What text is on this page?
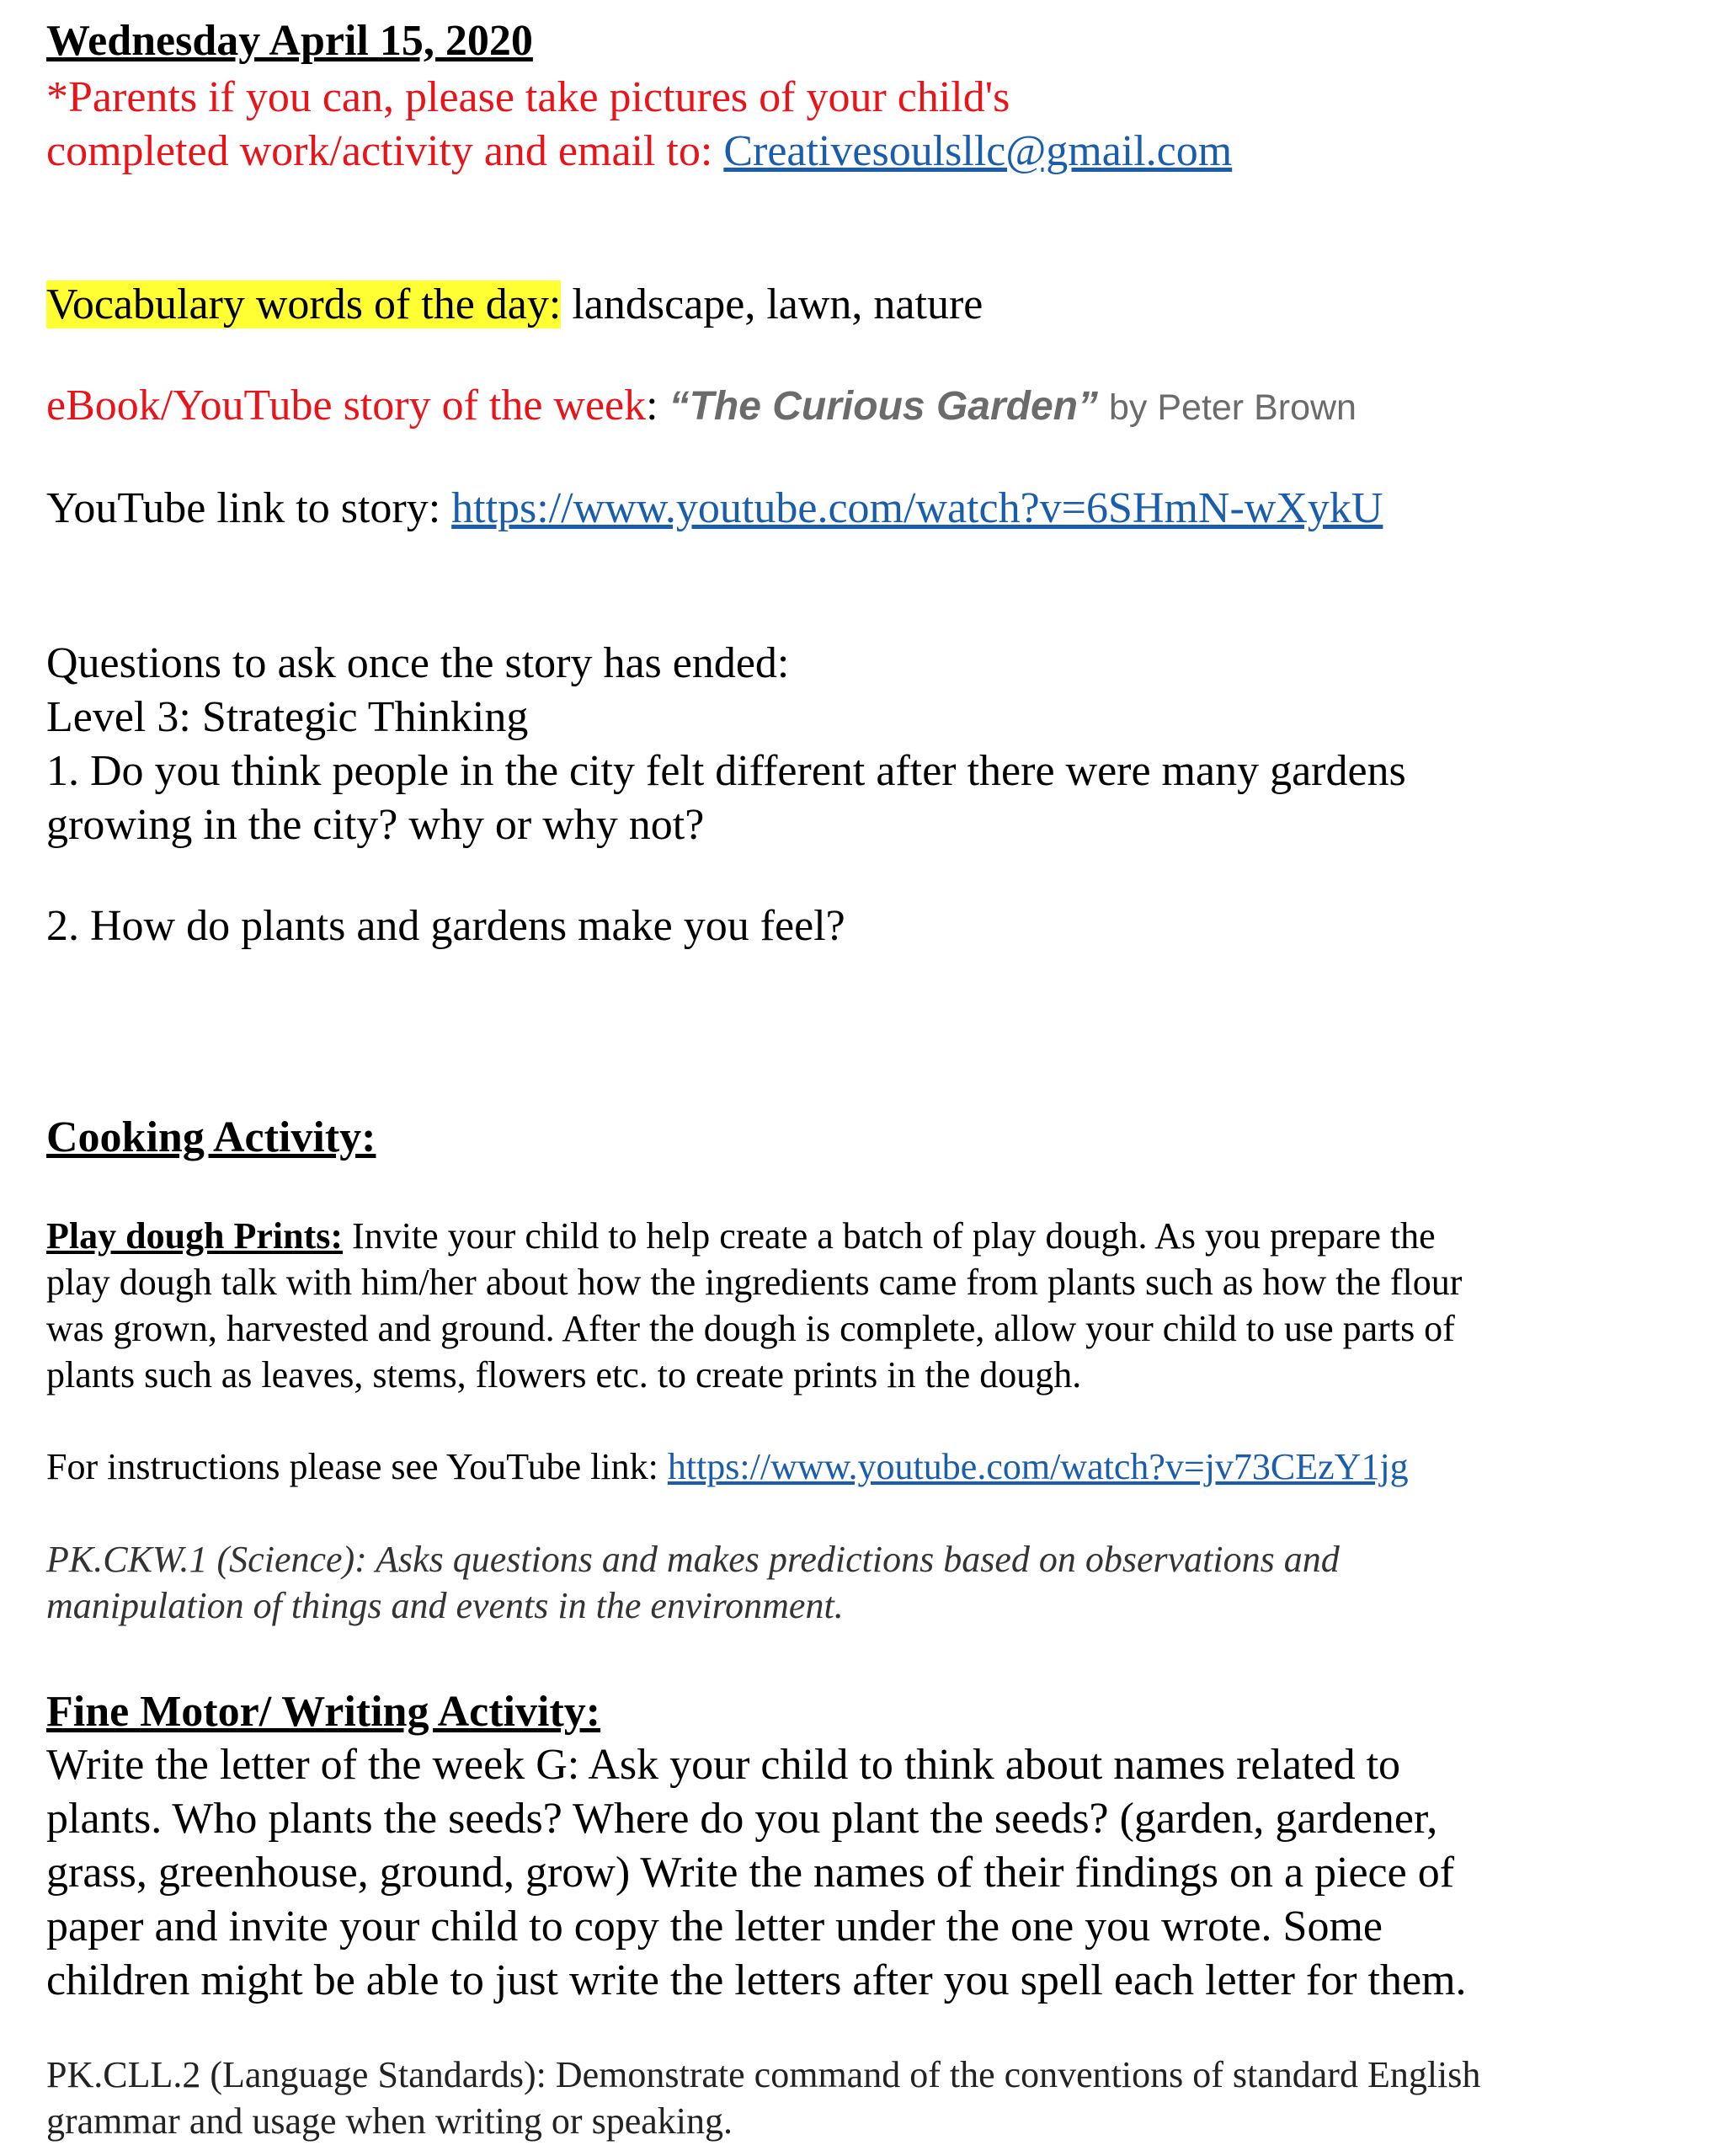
Wednesday April 15, 2020

*Parents if you can, please take pictures of your child's

completed work/activity and email to: Creativesoulsllc@gmail.com

Vocabulary words of the day: landscape, lawn, nature

eBook/YouTube story of the week: “The Curious Garden” by Peter Brown

YouTube link to story: https://www.youtube.com/watch?v=6SHmN-wXykU

Questions to ask once the story has ended:

Level 3: Strategic Thinking

1. Do you think people in the city felt different after there were many gardens

growing in the city? why or why not?

2. How do plants and gardens make you feel?

Cooking Activity:

Play dough Prints: Invite your child to help create a batch of play dough. As you prepare the

play dough talk with him/her about how the ingredients came from plants such as how the flour

was grown, harvested and ground. After the dough is complete, allow your child to use parts of

plants such as leaves, stems, flowers etc. to create prints in the dough.

For instructions please see YouTube link: https://www.youtube.com/watch?v=jv73CEzY1jg

PK.CKW.1 (Science): Asks questions and makes predictions based on observations and

manipulation of things and events in the environment.

Fine Motor/ Writing Activity:

Write the letter of the week G: Ask your child to think about names related to

plants. Who plants the seeds? Where do you plant the seeds? (garden, gardener,

grass, greenhouse, ground, grow) Write the names of their findings on a piece of

paper and invite your child to copy the letter under the one you wrote. Some

children might be able to just write the letters after you spell each letter for them.

PK.CLL.2 (Language Standards): Demonstrate command of the conventions of standard English

grammar and usage when writing or speaking.
